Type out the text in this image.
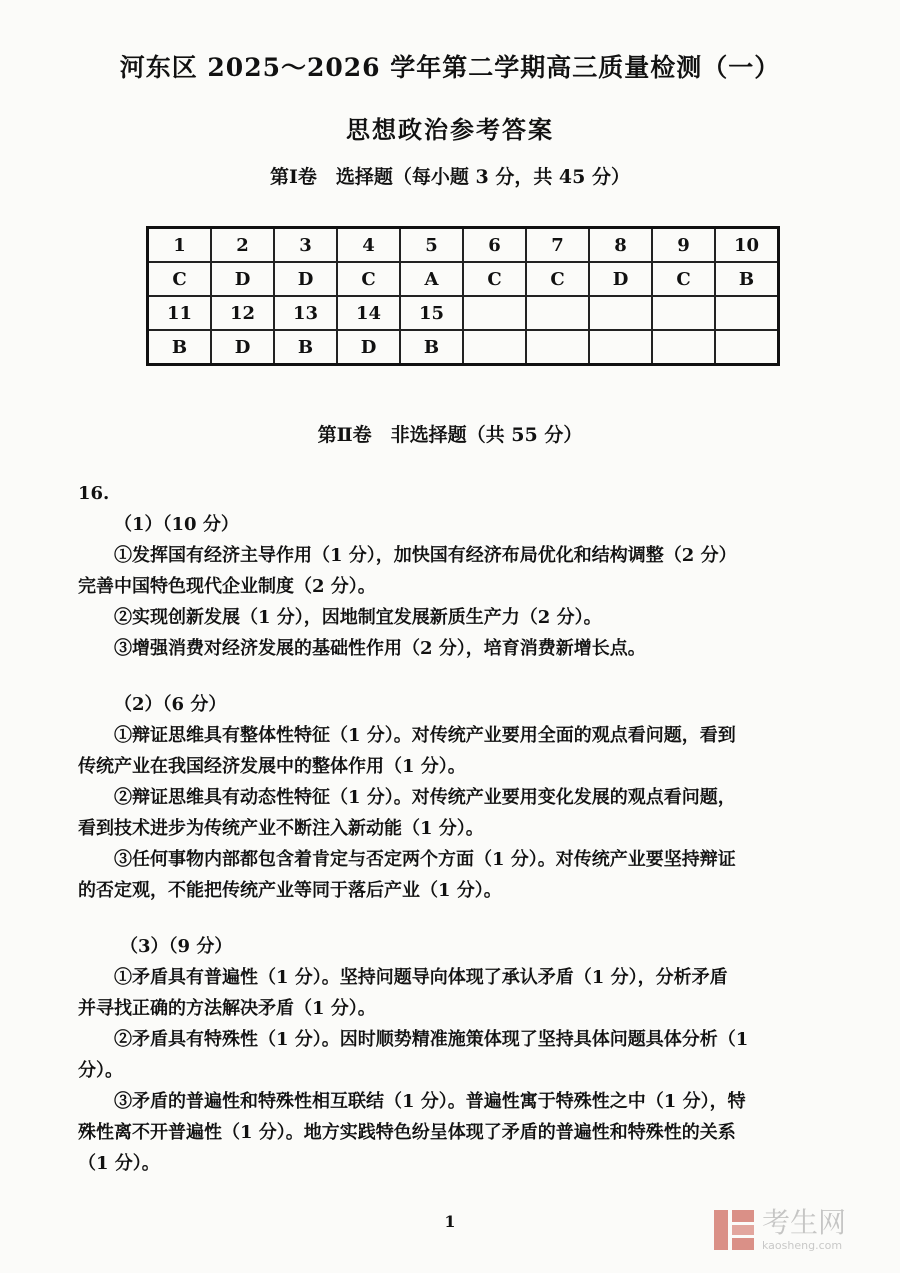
河东区 2025～2026 学年第二学期高三质量检测（一）
思想政治参考答案
第Ⅰ卷　选择题（每小题 3 分，共 45 分）
1	2	3	4	5	6	7	8	9	10
C	D	D	C	A	C	C	D	C	B
11	12	13	14	15					
B	D	B	D	B					
第Ⅱ卷　非选择题（共 55 分）

16.

（1）（10 分）

①发挥国有经济主导作用（1 分），加快国有经济布局优化和结构调整（2 分）

完善中国特色现代企业制度（2 分）。

②实现创新发展（1 分），因地制宜发展新质生产力（2 分）。

③增强消费对经济发展的基础性作用（2 分），培育消费新增长点。

（2）（6 分）

①辩证思维具有整体性特征（1 分）。对传统产业要用全面的观点看问题，看到

传统产业在我国经济发展中的整体作用（1 分）。

②辩证思维具有动态性特征（1 分）。对传统产业要用变化发展的观点看问题，

看到技术进步为传统产业不断注入新动能（1 分）。

③任何事物内部都包含着肯定与否定两个方面（1 分）。对传统产业要坚持辩证

的否定观，不能把传统产业等同于落后产业（1 分）。

（3）（9 分）

①矛盾具有普遍性（1 分）。坚持问题导向体现了承认矛盾（1 分），分析矛盾

并寻找正确的方法解决矛盾（1 分）。

②矛盾具有特殊性（1 分）。因时顺势精准施策体现了坚持具体问题具体分析（1

分）。

③矛盾的普遍性和特殊性相互联结（1 分）。普遍性寓于特殊性之中（1 分），特

殊性离不开普遍性（1 分）。地方实践特色纷呈体现了矛盾的普遍性和特殊性的关系

（1 分）。

1	考生网
kaosheng.com
